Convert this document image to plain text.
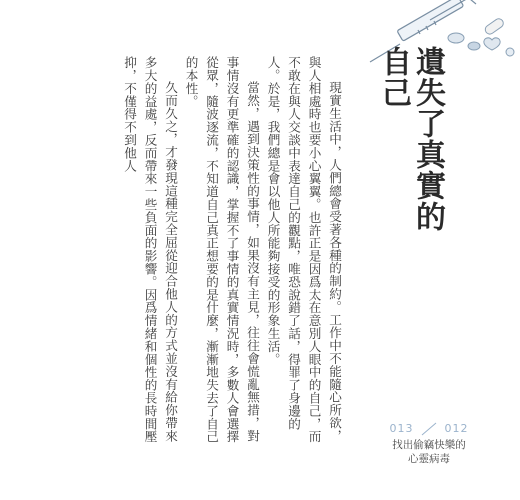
遺失了真實的
自己

現實生活中，人們總會受著各種的制約。工作中不能隨心所欲，與人相處時也要小心翼翼。也許正是因爲太在意別人眼中的自己，而不敢在與人交談中表達自己的觀點，唯恐說錯了話，得罪了身邊的人。於是，我們總是會以他人所能夠接受的形象生活。

當然，遇到決策性的事情，如果沒有主見，往往會慌亂無措，對事情沒有更準確的認識，掌握不了事情的真實情況時，多數人會選擇從眾，隨波逐流，不知道自己真正想要的是什麼，漸漸地失去了自己的本性。

久而久之，才發現這種完全屈從迎合他人的方式並沒有給你帶來多大的益處，反而帶來一些負面的影響。因爲情緒和個性的長時間壓抑，不僅得不到他人

013	012
找出偷竊快樂的
心靈病毒
